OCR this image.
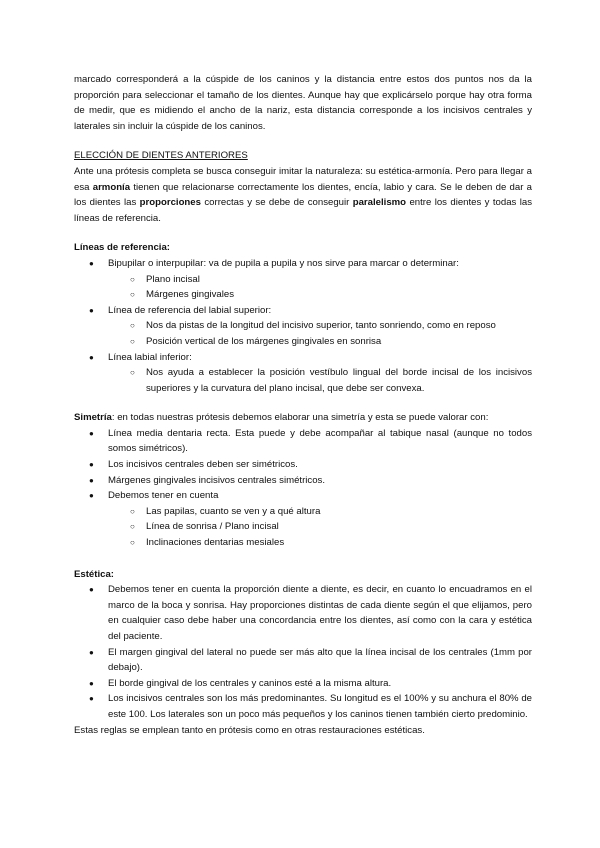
marcado corresponderá a la cúspide de los caninos y la distancia entre estos dos puntos nos da la proporción para seleccionar el tamaño de los dientes. Aunque hay que explicárselo porque hay otra forma de medir, que es midiendo el ancho de la nariz, esta distancia corresponde a los incisivos centrales y laterales sin incluir la cúspide de los caninos.

ELECCIÓN DE DIENTES ANTERIORES

Ante una prótesis completa se busca conseguir imitar la naturaleza: su estética-armonía. Pero para llegar a esa armonía tienen que relacionarse correctamente los dientes, encía, labio y cara. Se le deben de dar a los dientes las proporciones correctas y se debe de conseguir paralelismo entre los dientes y todas las líneas de referencia.

Líneas de referencia:

● Bipupilar o interpupilar: va de pupila a pupila y nos sirve para marcar o determinar:
○ Plano incisal
○ Márgenes gingivales
● Línea de referencia del labial superior:
○ Nos da pistas de la longitud del incisivo superior, tanto sonriendo, como en reposo
○ Posición vertical de los márgenes gingivales en sonrisa
● Línea labial inferior:
○ Nos ayuda a establecer la posición vestíbulo lingual del borde incisal de los incisivos superiores y la curvatura del plano incisal, que debe ser convexa.

Simetría: en todas nuestras prótesis debemos elaborar una simetría y esta se puede valorar con:

● Línea media dentaria recta. Esta puede y debe acompañar al tabique nasal (aunque no todos somos simétricos).
● Los incisivos centrales deben ser simétricos.
● Márgenes gingivales incisivos centrales simétricos.
● Debemos tener en cuenta
○ Las papilas, cuanto se ven y a qué altura
○ Línea de sonrisa / Plano incisal
○ Inclinaciones dentarias mesiales

Estética:

● Debemos tener en cuenta la proporción diente a diente, es decir, en cuanto lo encuadramos en el marco de la boca y sonrisa. Hay proporciones distintas de cada diente según el que elijamos, pero en cualquier caso debe haber una concordancia entre los dientes, así como con la cara y estética del paciente.
● El margen gingival del lateral no puede ser más alto que la línea incisal de los centrales (1mm por debajo).
● El borde gingival de los centrales y caninos esté a la misma altura.
● Los incisivos centrales son los más predominantes. Su longitud es el 100% y su anchura el 80% de este 100. Los laterales son un poco más pequeños y los caninos tienen también cierto predominio.

Estas reglas se emplean tanto en prótesis como en otras restauraciones estéticas.
